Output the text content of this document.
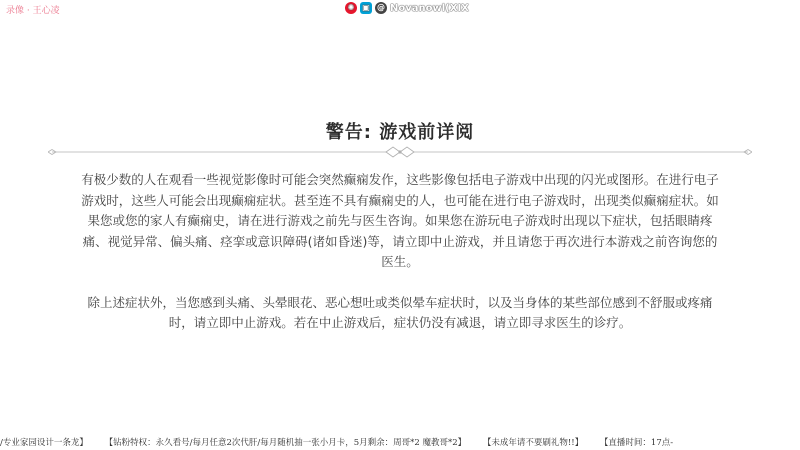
录像 · 王心凌	✺ ▣ @ Novanowl(XIX
警告: 游戏前详阅

有极少数的人在观看一些视觉影像时可能会突然癫痫发作，这些影像包括电子游戏中出现的闪光或图形。在进行电子游戏时，这些人可能会出现癫痫症状。甚至连不具有癫痫史的人，也可能在进行电子游戏时，出现类似癫痫症状。如果您或您的家人有癫痫史，请在进行游戏之前先与医生咨询。如果您在游玩电子游戏时出现以下症状，包括眼睛疼痛、视觉异常、偏头痛、痉挛或意识障碍(诸如昏迷)等，请立即中止游戏，并且请您于再次进行本游戏之前咨询您的医生。

除上述症状外，当您感到头痛、头晕眼花、恶心想吐或类似晕车症状时，以及当身体的某些部位感到不舒服或疼痛时，请立即中止游戏。若在中止游戏后，症状仍没有减退，请立即寻求医生的诊疗。

/专业家园设计一条龙】 【钻粉特权：永久看号/每月任意2次代肝/每月随机抽一张小月卡，5月剩余：周哥*2 魔教哥*2】 【未成年请不要刷礼物!!】 【直播时间：17点-
